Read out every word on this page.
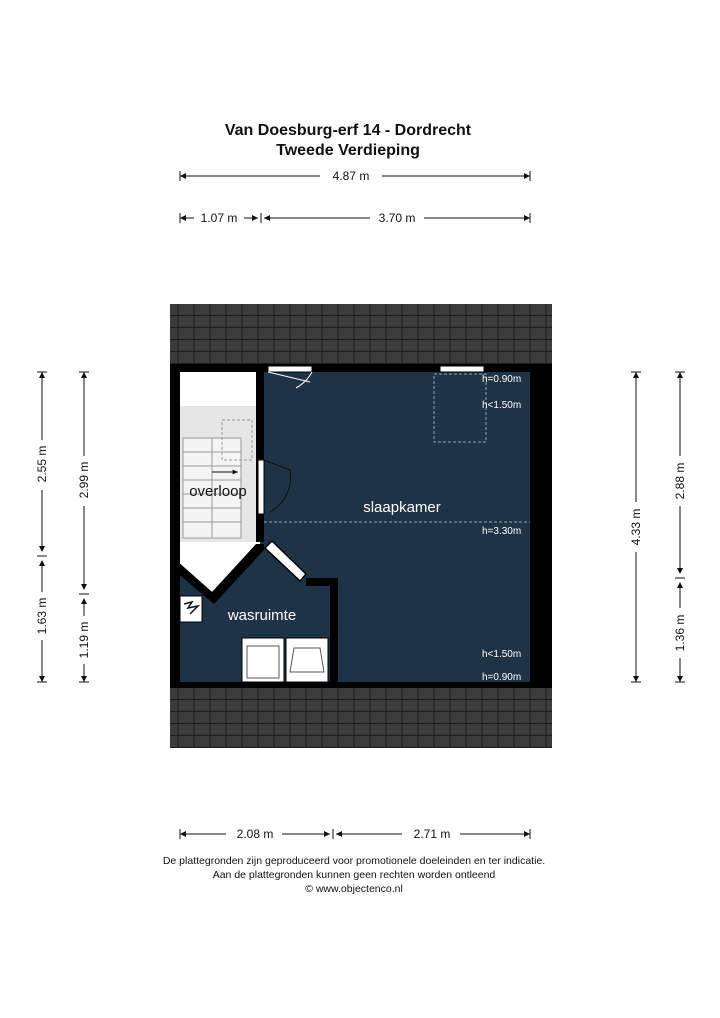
Van Doesburg-erf 14 - Dordrecht
Tweede Verdieping
4.87 m
1.07 m	3.70 m
overloop
slaapkamer
wasruimte
h=0.90m
h<1.50m
h=3.30m
h<1.50m
h=0.90m
2.55 m
1.63 m
2.99 m
1.19 m
4.33 m
2.88 m
1.36 m
2.08 m	2.71 m
De plattegronden zijn geproduceerd voor promotionele doeleinden en ter indicatie.
Aan de plattegronden kunnen geen rechten worden ontleend
© www.objectenco.nl
